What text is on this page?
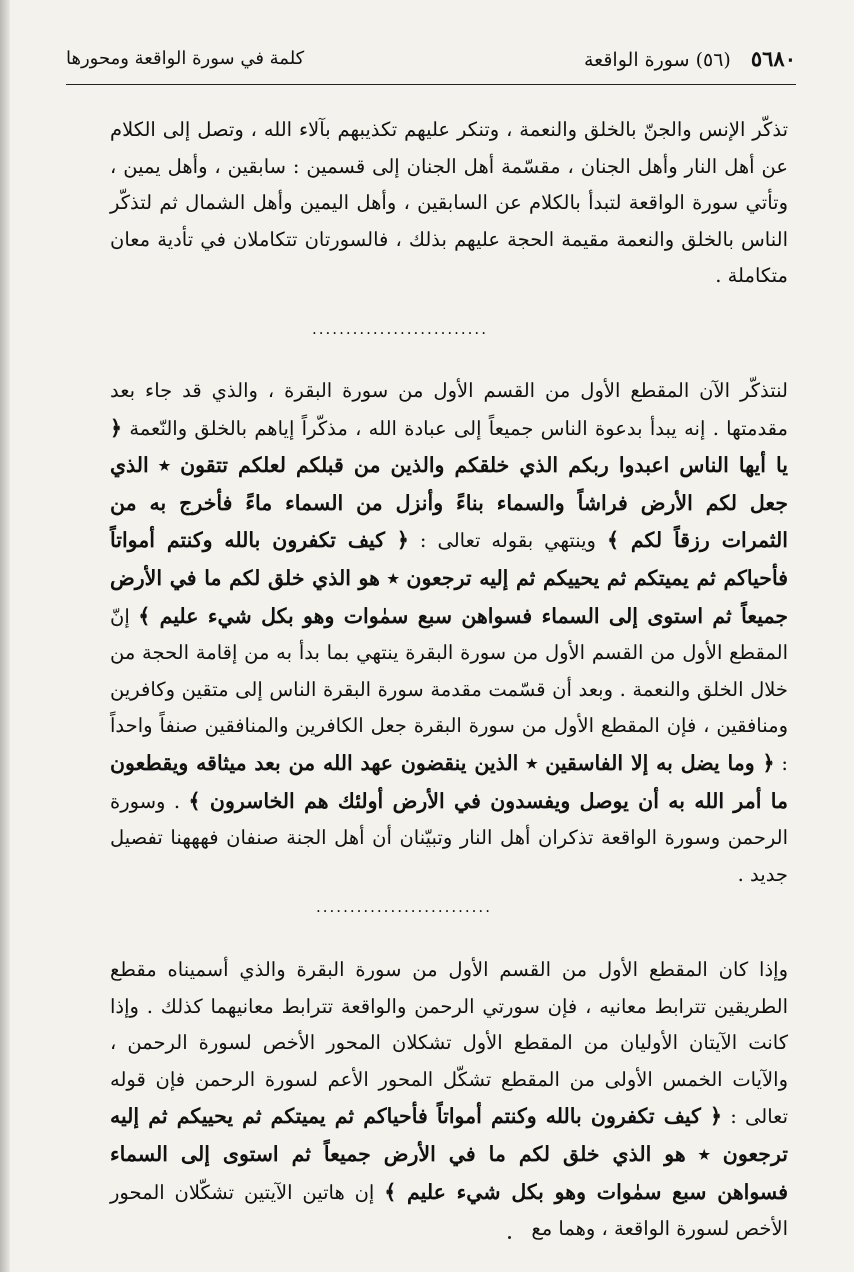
٥٦٨٠ (٥٦) سورة الواقعة
كلمة في سورة الواقعة ومحورها
تذكّر الإنس والجنّ بالخلق والنعمة ، وتنكر عليهم تكذيبهم بآلاء الله ، وتصل إلى الكلام عن أهل النار وأهل الجنان ، مقسّمة أهل الجنان إلى قسمين : سابقين ، وأهل يمين ، وتأتي سورة الواقعة لتبدأ بالكلام عن السابقين ، وأهل اليمين وأهل الشمال ثم لتذكّر الناس بالخلق والنعمة مقيمة الحجة عليهم بذلك ، فالسورتان تتكاملان في تأدية معان متكاملة .
..........................
لنتذكّر الآن المقطع الأول من القسم الأول من سورة البقرة ، والذي قد جاء بعد مقدمتها . إنه يبدأ بدعوة الناس جميعاً إلى عبادة الله ، مذكّراً إياهم بالخلق والنّعمة ﴿ يا أيها الناس اعبدوا ربكم الذي خلقكم والذين من قبلكم لعلكم تتقون ٭ الذي جعل لكم الأرض فراشاً والسماء بناءً وأنزل من السماء ماءً فأخرج به من الثمرات رزقاً لكم ﴾ وينتهي بقوله تعالى : ﴿ كيف تكفرون بالله وكنتم أمواتاً فأحياكم ثم يميتكم ثم يحييكم ثم إليه ترجعون ٭ هو الذي خلق لكم ما في الأرض جميعاً ثم استوى إلى السماء فسواهن سبع سمٰوات وهو بكل شيء عليم ﴾ إنّ المقطع الأول من القسم الأول من سورة البقرة ينتهي بما بدأ به من إقامة الحجة من خلال الخلق والنعمة . وبعد أن قسّمت مقدمة سورة البقرة الناس إلى متقين وكافرين ومنافقين ، فإن المقطع الأول من سورة البقرة جعل الكافرين والمنافقين صنفاً واحداً : ﴿ وما يضل به إلا الفاسقين ٭ الذين ينقضون عهد الله من بعد ميثاقه ويقطعون ما أمر الله به أن يوصل ويفسدون في الأرض أولئك هم الخاسرون ﴾ . وسورة الرحمن وسورة الواقعة تذكران أهل النار وتبيّنان أن أهل الجنة صنفان فهههنا تفصيل جديد .
..........................
وإذا كان المقطع الأول من القسم الأول من سورة البقرة والذي أسميناه مقطع الطريقين تترابط معانيه ، فإن سورتي الرحمن والواقعة تترابط معانيهما كذلك . وإذا كانت الآيتان الأوليان من المقطع الأول تشكلان المحور الأخص لسورة الرحمن ، والآيات الخمس الأولى من المقطع تشكّل المحور الأعم لسورة الرحمن فإن قوله تعالى : ﴿ كيف تكفرون بالله وكنتم أمواتاً فأحياكم ثم يميتكم ثم يحييكم ثم إليه ترجعون ٭ هو الذي خلق لكم ما في الأرض جميعاً ثم استوى إلى السماء فسواهن سبع سمٰوات وهو بكل شيء عليم ﴾ إن هاتين الآيتين تشكّلان المحور الأخص لسورة الواقعة ، وهما مع
